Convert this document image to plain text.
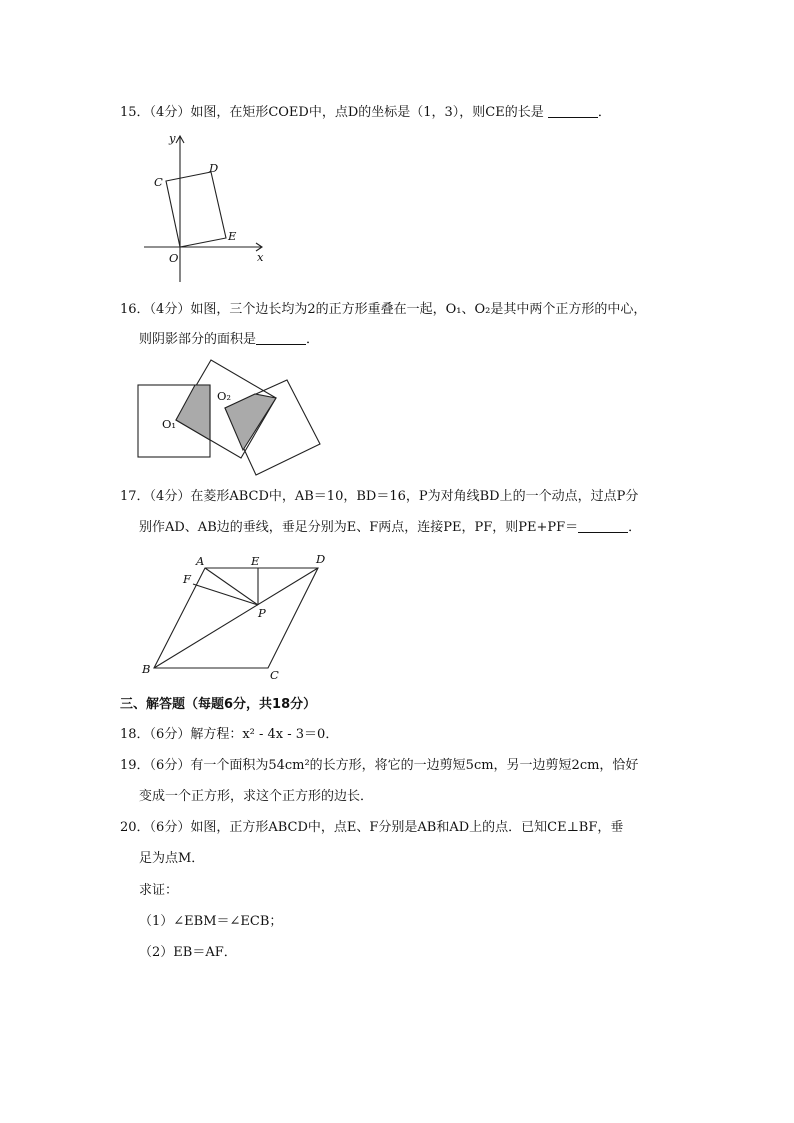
15．（4分）如图，在矩形COED中，点D的坐标是（1，3），则CE的长是	．
y
x
O
C
D
E
O₁
O₂
A	E	D
F
P
B	C
16．（4分）如图，三个边长均为2的正方形重叠在一起，O₁、O₂是其中两个正方形的中心，
则阴影部分的面积是	．
17．（4分）在菱形ABCD中，AB＝10，BD＝16，P为对角线BD上的一个动点，过点P分
别作AD、AB边的垂线，垂足分别为E、F两点，连接PE，PF，则PE+PF＝	．
三、解答题（每题6分，共18分）
18．（6分）解方程：x² - 4x - 3＝0．
19．（6分）有一个面积为54cm²的长方形，将它的一边剪短5cm，另一边剪短2cm，恰好
变成一个正方形，求这个正方形的边长．
20．（6分）如图，正方形ABCD中，点E、F分别是AB和AD上的点．已知CE⊥BF，垂
足为点M．
求证：
（1）∠EBM＝∠ECB；
（2）EB＝AF．
